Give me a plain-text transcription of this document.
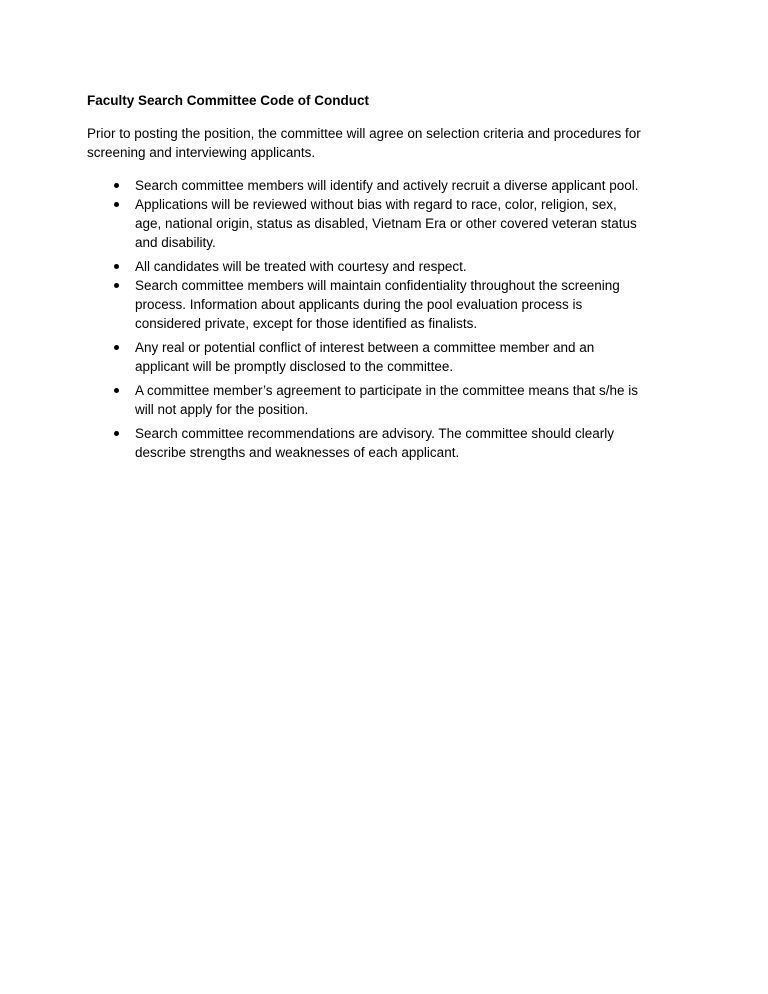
Faculty Search Committee Code of Conduct

Prior to posting the position, the committee will agree on selection criteria and procedures for screening and interviewing applicants.

Search committee members will identify and actively recruit a diverse applicant pool.
Applications will be reviewed without bias with regard to race, color, religion, sex, age, national origin, status as disabled, Vietnam Era or other covered veteran status and disability.
All candidates will be treated with courtesy and respect.
Search committee members will maintain confidentiality throughout the screening process. Information about applicants during the pool evaluation process is considered private, except for those identified as finalists.
Any real or potential conflict of interest between a committee member and an applicant will be promptly disclosed to the committee.
A committee member’s agreement to participate in the committee means that s/he is will not apply for the position.
Search committee recommendations are advisory. The committee should clearly describe strengths and weaknesses of each applicant.
